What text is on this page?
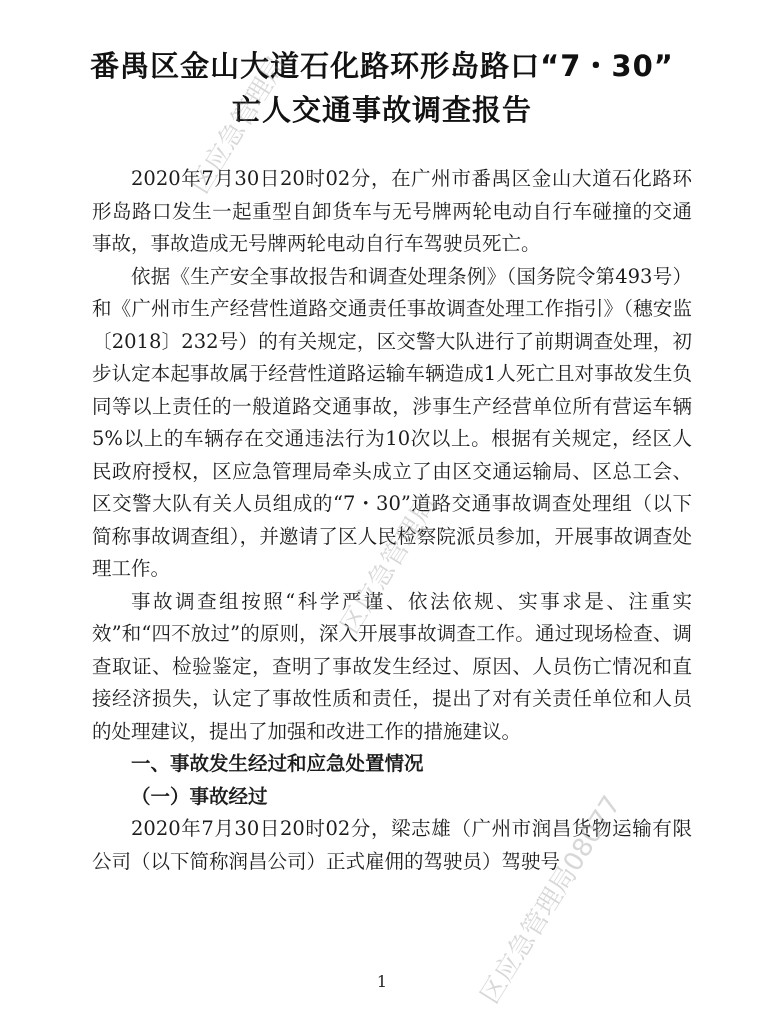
番禺区金山大道石化路环形岛路口“7・30”
亡人交通事故调查报告

2020年7月30日20时02分，在广州市番禺区金山大道石化路环形岛路口发生一起重型自卸货车与无号牌两轮电动自行车碰撞的交通事故，事故造成无号牌两轮电动自行车驾驶员死亡。

依据《生产安全事故报告和调查处理条例》（国务院令第493号）和《广州市生产经营性道路交通责任事故调查处理工作指引》（穗安监〔2018〕232号）的有关规定，区交警大队进行了前期调查处理，初步认定本起事故属于经营性道路运输车辆造成1人死亡且对事故发生负同等以上责任的一般道路交通事故，涉事生产经营单位所有营运车辆5%以上的车辆存在交通违法行为10次以上。根据有关规定，经区人民政府授权，区应急管理局牵头成立了由区交通运输局、区总工会、区交警大队有关人员组成的“7・30”道路交通事故调查处理组（以下简称事故调查组），并邀请了区人民检察院派员参加，开展事故调查处理工作。

事故调查组按照“科学严谨、依法依规、实事求是、注重实效”和“四不放过”的原则，深入开展事故调查工作。通过现场检查、调查取证、检验鉴定，查明了事故发生经过、原因、人员伤亡情况和直接经济损失，认定了事故性质和责任，提出了对有关责任单位和人员的处理建议，提出了加强和改进工作的措施建议。

一、事故发生经过和应急处置情况

（一）事故经过

2020年7月30日20时02分，梁志雄（广州市润昌货物运输有限公司（以下简称润昌公司）正式雇佣的驾驶员）驾驶号

1
区应急管理局
区应急管理局
区应急管理局08077
